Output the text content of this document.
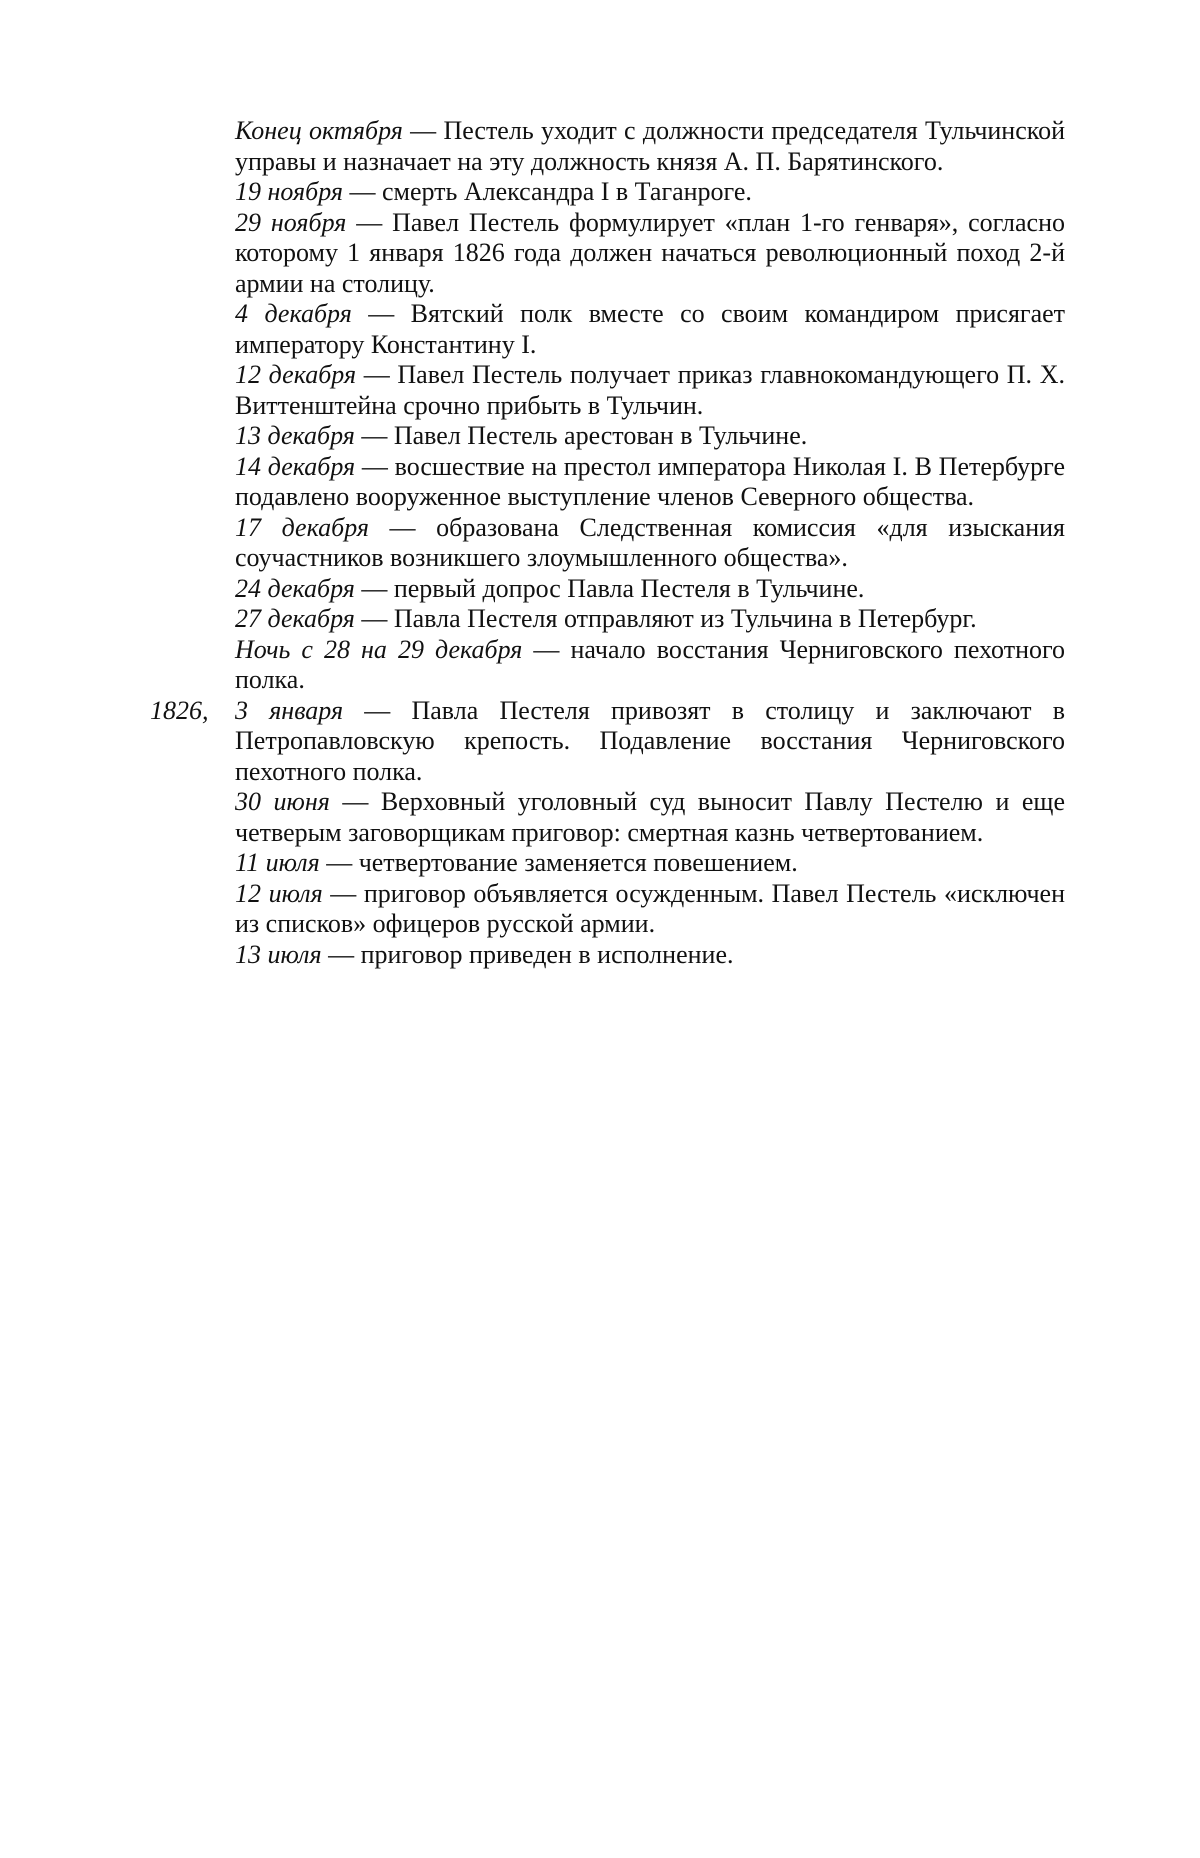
Конец октября — Пестель уходит с должности председателя Тульчинской управы и назначает на эту должность князя А. П. Барятинского.

19 ноября — смерть Александра I в Таганроге.

29 ноября — Павел Пестель формулирует «план 1-го генваря», согласно которому 1 января 1826 года должен начаться революционный поход 2-й армии на столицу.

4 декабря — Вятский полк вместе со своим командиром присягает императору Константину I.

12 декабря — Павел Пестель получает приказ главнокомандующего П. Х. Виттенштейна срочно прибыть в Тульчин.

13 декабря — Павел Пестель арестован в Тульчине.

14 декабря — восшествие на престол императора Николая I. В Петербурге подавлено вооруженное выступление членов Северного общества.

17 декабря — образована Следственная комиссия «для изыскания соучастников возникшего злоумышленного общества».

24 декабря — первый допрос Павла Пестеля в Тульчине.

27 декабря — Павла Пестеля отправляют из Тульчина в Петербург.

Ночь с 28 на 29 декабря — начало восстания Черниговского пехотного полка.

1826, 3 января — Павла Пестеля привозят в столицу и заключают в Петропавловскую крепость. Подавление восстания Черниговского пехотного полка.

30 июня — Верховный уголовный суд выносит Павлу Пестелю и еще четверым заговорщикам приговор: смертная казнь четвертованием.

11 июля — четвертование заменяется повешением.

12 июля — приговор объявляется осужденным. Павел Пестель «исключен из списков» офицеров русской армии.

13 июля — приговор приведен в исполнение.
